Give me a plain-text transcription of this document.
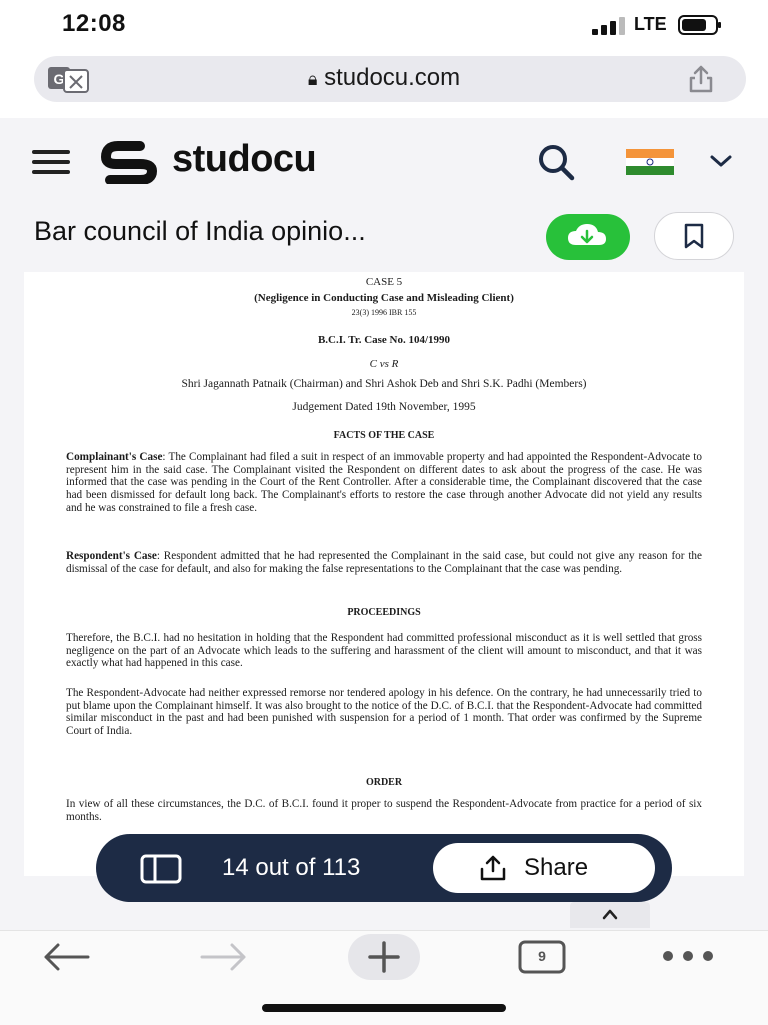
12:08	LTE
G	🔒︎ studocu.com
studocu
Bar council of India opinio...
CASE 5
(Negligence in Conducting Case and Misleading Client)
23(3) 1996 IBR 155
B.C.I. Tr. Case No. 104/1990
C vs R
Shri Jagannath Patnaik (Chairman) and Shri Ashok Deb and Shri S.K. Padhi (Members)
Judgement Dated 19th November, 1995
FACTS OF THE CASE
Complainant's Case: The Complainant had filed a suit in respect of an immovable property and had appointed the Respondent-Advocate to represent him in the said case. The Complainant visited the Respondent on different dates to ask about the progress of the case. He was informed that the case was pending in the Court of the Rent Controller. After a considerable time, the Complainant discovered that the case had been dismissed for default long back. The Complainant's efforts to restore the case through another Advocate did not yield any results and he was constrained to file a fresh case.
Respondent's Case: Respondent admitted that he had represented the Complainant in the said case, but could not give any reason for the dismissal of the case for default, and also for making the false representations to the Complainant that the case was pending.
PROCEEDINGS
Therefore, the B.C.I. had no hesitation in holding that the Respondent had committed professional misconduct as it is well settled that gross negligence on the part of an Advocate which leads to the suffering and harassment of the client will amount to misconduct, and that it was exactly what had happened in this case.
The Respondent-Advocate had neither expressed remorse nor tendered apology in his defence. On the contrary, he had unnecessarily tried to put blame upon the Complainant himself. It was also brought to the notice of the D.C. of B.C.I. that the Respondent-Advocate had committed similar misconduct in the past and had been punished with suspension for a period of 1 month. That order was confirmed by the Supreme Court of India.
ORDER
In view of all these circumstances, the D.C. of B.C.I. found it proper to suspend the Respondent-Advocate from practice for a period of six months.
14 out of 113	Share
9
